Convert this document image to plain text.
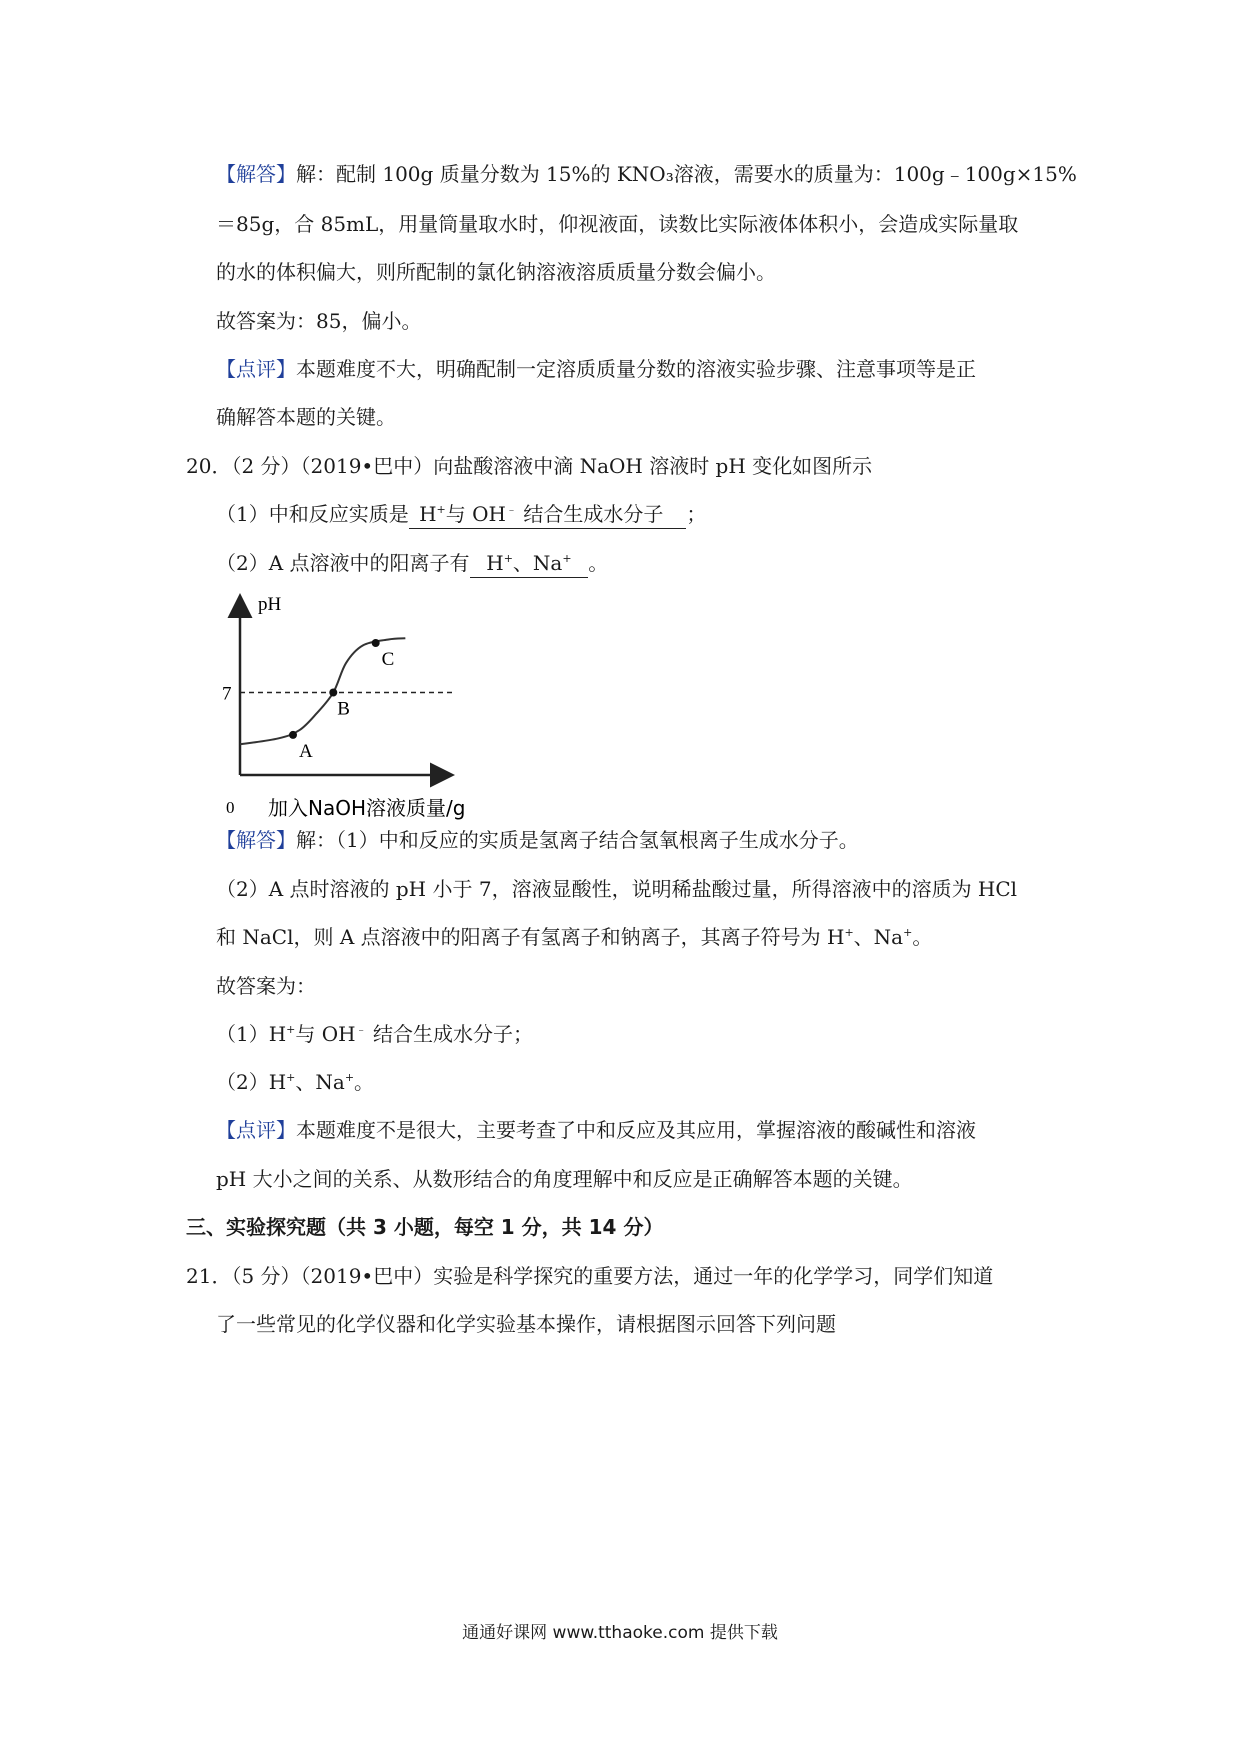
【解答】解：配制 100g 质量分数为 15%的 KNO₃溶液，需要水的质量为：100g﹣100g×15%
＝85g，合 85mL，用量筒量取水时，仰视液面，读数比实际液体体积小，会造成实际量取
的水的体积偏大，则所配制的氯化钠溶液溶质质量分数会偏小。
故答案为：85，偏小。
【点评】本题难度不大，明确配制一定溶质质量分数的溶液实验步骤、注意事项等是正
确解答本题的关键。
20．（2 分）（2019•巴中）向盐酸溶液中滴 NaOH 溶液时 pH 变化如图所示
（1）中和反应实质是 H+与 OH﹣ 结合生成水分子 ；
（2）A 点溶液中的阳离子有 H+、Na+ 。
pH
0 加入NaOH溶液质量/g
7
A
B
C
【解答】解：（1）中和反应的实质是氢离子结合氢氧根离子生成水分子。
（2）A 点时溶液的 pH 小于 7，溶液显酸性，说明稀盐酸过量，所得溶液中的溶质为 HCl
和 NaCl，则 A 点溶液中的阳离子有氢离子和钠离子，其离子符号为 H+、Na+。
故答案为：
（1）H+与 OH﹣ 结合生成水分子；
（2）H+、Na+。
【点评】本题难度不是很大，主要考查了中和反应及其应用，掌握溶液的酸碱性和溶液
pH 大小之间的关系、从数形结合的角度理解中和反应是正确解答本题的关键。
三、实验探究题（共 3 小题，每空 1 分，共 14 分）
21．（5 分）（2019•巴中）实验是科学探究的重要方法，通过一年的化学学习，同学们知道
了一些常见的化学仪器和化学实验基本操作，请根据图示回答下列问题
通通好课网 www.tthaoke.com 提供下载
